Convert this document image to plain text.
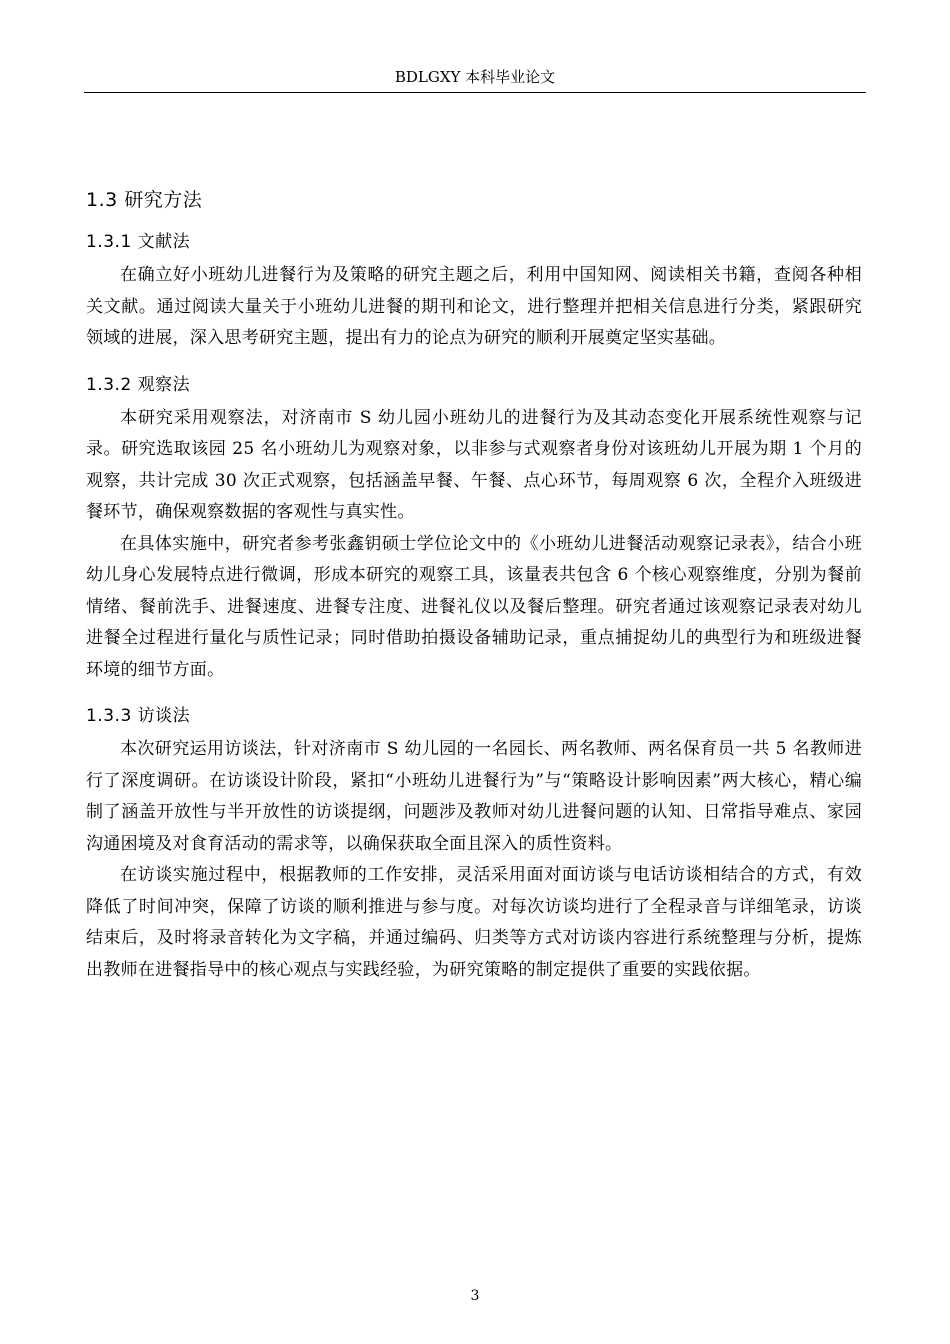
BDLGXY 本科毕业论文
1.3 研究方法
1.3.1 文献法

在确立好小班幼儿进餐行为及策略的研究主题之后，利用中国知网、阅读相关书籍，查阅各种相关文献。通过阅读大量关于小班幼儿进餐的期刊和论文，进行整理并把相关信息进行分类，紧跟研究领域的进展，深入思考研究主题，提出有力的论点为研究的顺利开展奠定坚实基础。

1.3.2 观察法

本研究采用观察法，对济南市 S 幼儿园小班幼儿的进餐行为及其动态变化开展系统性观察与记录。研究选取该园 25 名小班幼儿为观察对象，以非参与式观察者身份对该班幼儿开展为期 1 个月的观察，共计完成 30 次正式观察，包括涵盖早餐、午餐、点心环节，每周观察 6 次，全程介入班级进餐环节，确保观察数据的客观性与真实性。

在具体实施中，研究者参考张鑫钥硕士学位论文中的《小班幼儿进餐活动观察记录表》，结合小班幼儿身心发展特点进行微调，形成本研究的观察工具，该量表共包含 6 个核心观察维度，分别为餐前情绪、餐前洗手、进餐速度、进餐专注度、进餐礼仪以及餐后整理。研究者通过该观察记录表对幼儿进餐全过程进行量化与质性记录；同时借助拍摄设备辅助记录，重点捕捉幼儿的典型行为和班级进餐环境的细节方面。

1.3.3 访谈法

本次研究运用访谈法，针对济南市 S 幼儿园的一名园长、两名教师、两名保育员一共 5 名教师进行了深度调研。在访谈设计阶段，紧扣“小班幼儿进餐行为”与“策略设计影响因素”两大核心，精心编制了涵盖开放性与半开放性的访谈提纲，问题涉及教师对幼儿进餐问题的认知、日常指导难点、家园沟通困境及对食育活动的需求等，以确保获取全面且深入的质性资料。

在访谈实施过程中，根据教师的工作安排，灵活采用面对面访谈与电话访谈相结合的方式，有效降低了时间冲突，保障了访谈的顺利推进与参与度。对每次访谈均进行了全程录音与详细笔录，访谈结束后，及时将录音转化为文字稿，并通过编码、归类等方式对访谈内容进行系统整理与分析，提炼出教师在进餐指导中的核心观点与实践经验，为研究策略的制定提供了重要的实践依据。

3
